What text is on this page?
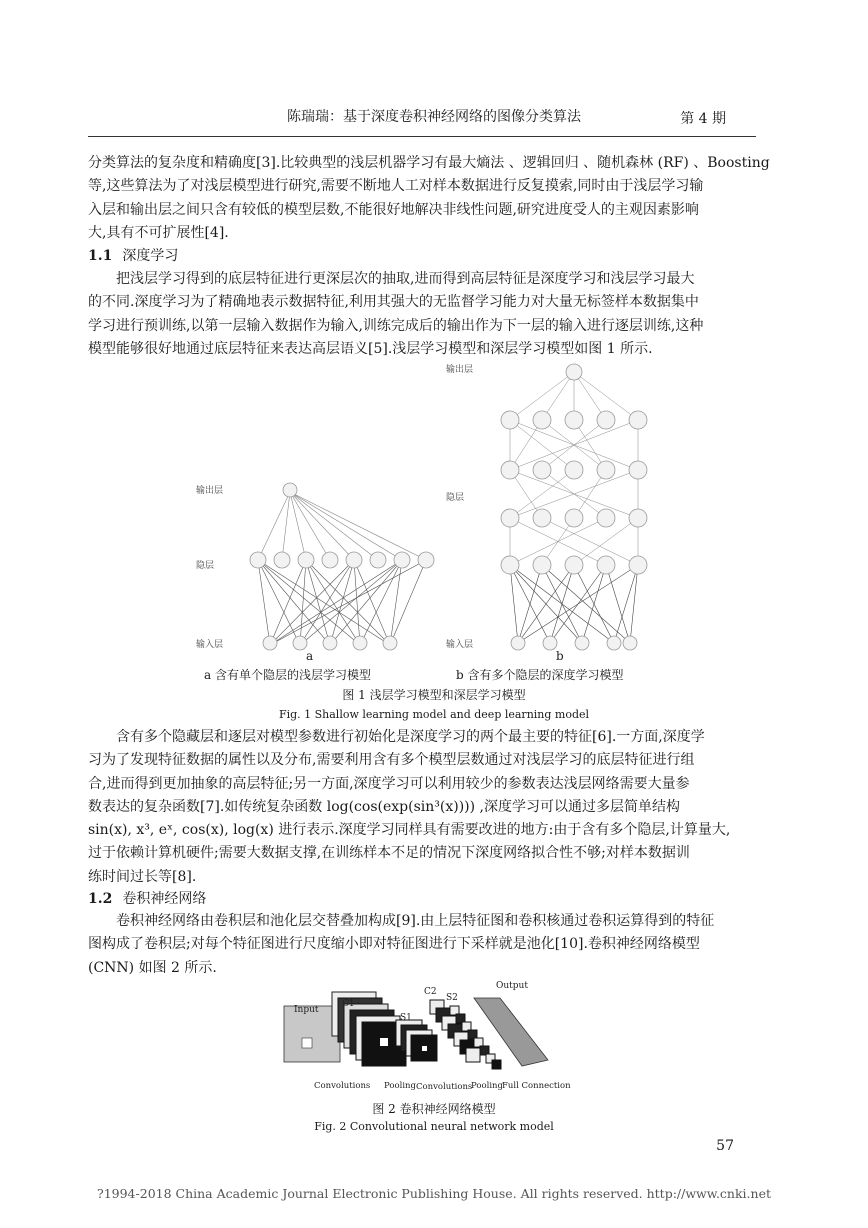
陈瑞瑞：基于深度卷积神经网络的图像分类算法	第 4 期
分类算法的复杂度和精确度[3].比较典型的浅层机器学习有最大熵法 、逻辑回归 、随机森林 (RF) 、Boosting
等,这些算法为了对浅层模型进行研究,需要不断地人工对样本数据进行反复摸索,同时由于浅层学习输
入层和输出层之间只含有较低的模型层数,不能很好地解决非线性问题,研究进度受人的主观因素影响
大,具有不可扩展性[4].
1.1 深度学习
把浅层学习得到的底层特征进行更深层次的抽取,进而得到高层特征是深度学习和浅层学习最大
的不同.深度学习为了精确地表示数据特征,利用其强大的无监督学习能力对大量无标签样本数据集中
学习进行预训练,以第一层输入数据作为输入,训练完成后的输出作为下一层的输入进行逐层训练,这种
模型能够很好地通过底层特征来表达高层语义[5].浅层学习模型和深层学习模型如图 1 所示.
输出层
隐层
输入层
a
输出层
隐层
输入层
b
a 含有单个隐层的浅层学习模型	b 含有多个隐层的深度学习模型
图 1 浅层学习模型和深层学习模型
Fig. 1 Shallow learning model and deep learning model
含有多个隐藏层和逐层对模型参数进行初始化是深度学习的两个最主要的特征[6].一方面,深度学
习为了发现特征数据的属性以及分布,需要利用含有多个模型层数通过对浅层学习的底层特征进行组
合,进而得到更加抽象的高层特征;另一方面,深度学习可以利用较少的参数表达浅层网络需要大量参
数表达的复杂函数[7].如传统复杂函数 log(cos(exp(sin³(x)))) ,深度学习可以通过多层简单结构
sin(x), x³, eˣ, cos(x), log(x) 进行表示.深度学习同样具有需要改进的地方:由于含有多个隐层,计算量大,
过于依赖计算机硬件;需要大数据支撑,在训练样本不足的情况下深度网络拟合性不够;对样本数据训
练时间过长等[8].
1.2 卷积神经网络
卷积神经网络由卷积层和池化层交替叠加构成[9].由上层特征图和卷积核通过卷积运算得到的特征
图构成了卷积层;对每个特征图进行尺度缩小即对特征图进行下采样就是池化[10].卷积神经网络模型
(CNN) 如图 2 所示.
Input
C1
S1
C2
S2
Output
Convolutions Pooling Convolutions
Pooling Full Connection
图 2 卷积神经网络模型
Fig. 2 Convolutional neural network model
57
?1994-2018 China Academic Journal Electronic Publishing House. All rights reserved. http://www.cnki.net
